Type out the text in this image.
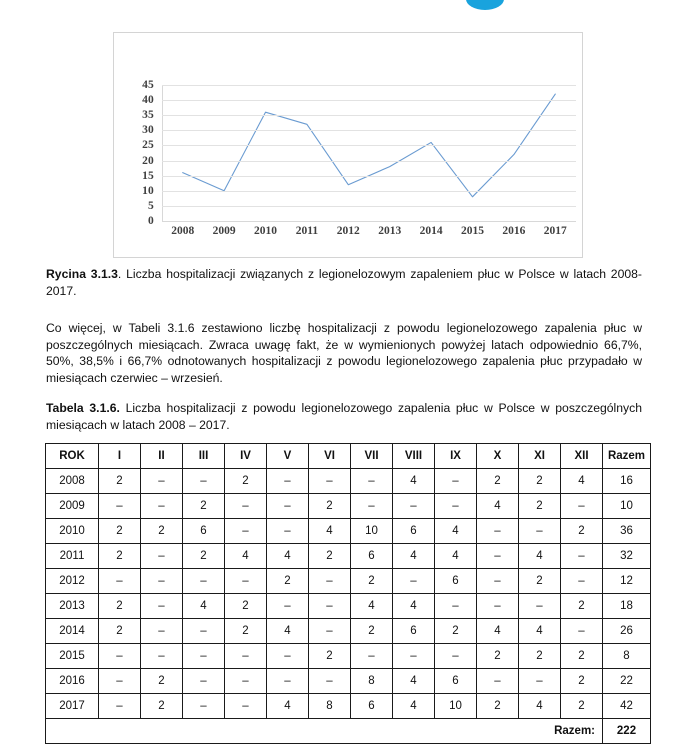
0
5
10
15
20
25
30
35
40
45
2008 2009 2010 2011 2012 2013 2014 2015 2016 2017
Rycina 3.1.3. Liczba hospitalizacji związanych z legionelozowym zapaleniem płuc w Polsce w latach 2008-2017.
Co więcej, w Tabeli 3.1.6 zestawiono liczbę hospitalizacji z powodu legionelozowego zapalenia płuc w poszczególnych miesiącach. Zwraca uwagę fakt, że w wymienionych powyżej latach odpowiednio 66,7%, 50%, 38,5% i 66,7% odnotowanych hospitalizacji z powodu legionelozowego zapalenia płuc przypadało w miesiącach czerwiec – wrzesień.
Tabela 3.1.6. Liczba hospitalizacji z powodu legionelozowego zapalenia płuc w Polsce w poszczególnych miesiącach w latach 2008 – 2017.
ROK	I	II	III	IV	V	VI	VII	VIII	IX	X	XI	XII	Razem
2008	2	–	–	2	–	–	–	4	–	2	2	4	16
2009	–	–	2	–	–	2	–	–	–	4	2	–	10
2010	2	2	6	–	–	4	10	6	4	–	–	2	36
2011	2	–	2	4	4	2	6	4	4	–	4	–	32
2012	–	–	–	–	2	–	2	–	6	–	2	–	12
2013	2	–	4	2	–	–	4	4	–	–	–	2	18
2014	2	–	–	2	4	–	2	6	2	4	4	–	26
2015	–	–	–	–	–	2	–	–	–	2	2	2	8
2016	–	2	–	–	–	–	8	4	6	–	–	2	22
2017	–	2	–	–	4	8	6	4	10	2	4	2	42
Razem:													222
